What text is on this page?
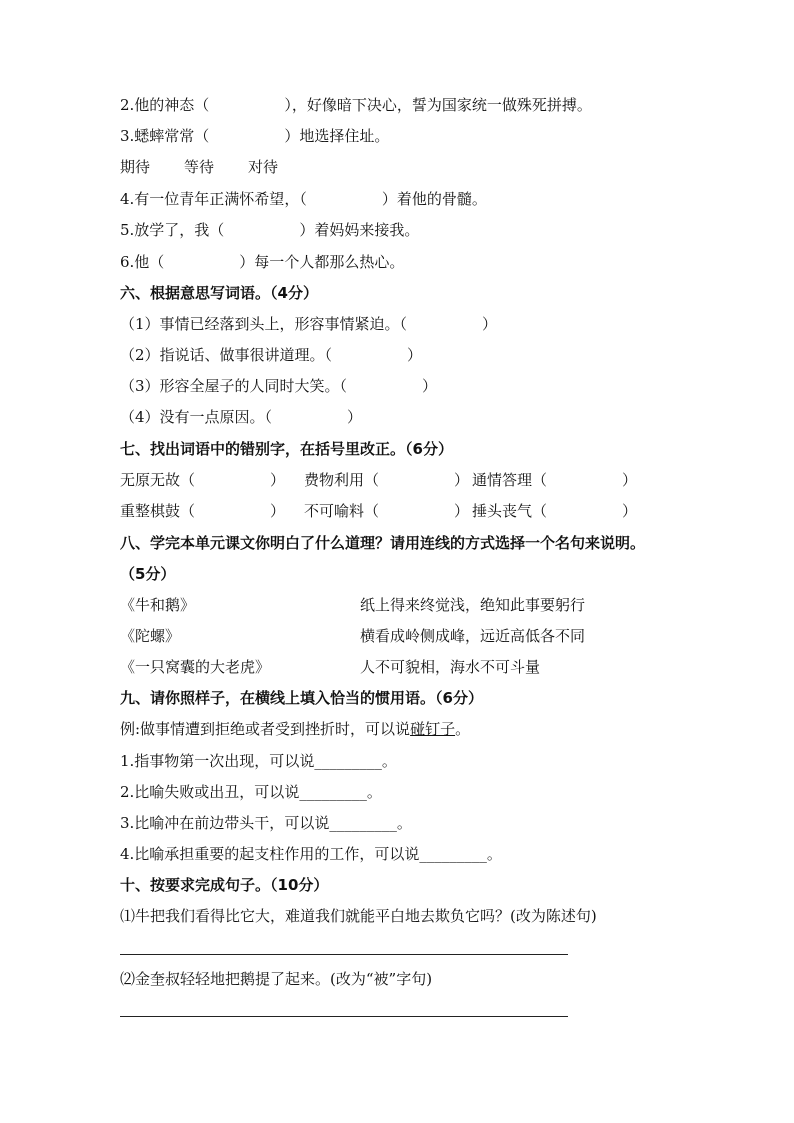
2.他的神态（　　　　　），好像暗下决心，誓为国家统一做殊死拼搏。
3.蟋蟀常常（　　　　　）地选择住址。
期待 等待 对待
4.有一位青年正满怀希望，（　　　　　）着他的骨髓。
5.放学了，我（　　　　　）着妈妈来接我。
6.他（　　　　　）每一个人都那么热心。
六、根据意思写词语。（4分）
（1）事情已经落到头上，形容事情紧迫。（　　　　　）
（2）指说话、做事很讲道理。（　　　　　）
（3）形容全屋子的人同时大笑。（　　　　　）
（4）没有一点原因。（　　　　　）
七、找出词语中的错别字，在括号里改正。（6分）
无原无故（　　　　　） 费物利用（　　　　　） 通情答理（　　　　　）
重整棋鼓（　　　　　） 不可喻料（　　　　　） 捶头丧气（　　　　　）
八、学完本单元课文你明白了什么道理？请用连线的方式选择一个名句来说明。
（5分）
《牛和鹅》	纸上得来终觉浅，绝知此事要躬行
《陀螺》	横看成岭侧成峰，远近高低各不同
《一只窝囊的大老虎》	人不可貌相，海水不可斗量
九、请你照样子，在横线上填入恰当的惯用语。（6分）
例:做事情遭到拒绝或者受到挫折时，可以说碰钉子。
1.指事物第一次出现，可以说_________。
2.比喻失败或出丑，可以说_________。
3.比喻冲在前边带头干，可以说_________。
4.比喻承担重要的起支柱作用的工作，可以说_________。
十、按要求完成句子。（10分）
⑴牛把我们看得比它大，难道我们就能平白地去欺负它吗？(改为陈述句)
⑵金奎叔轻轻地把鹅提了起来。(改为“被”字句)
